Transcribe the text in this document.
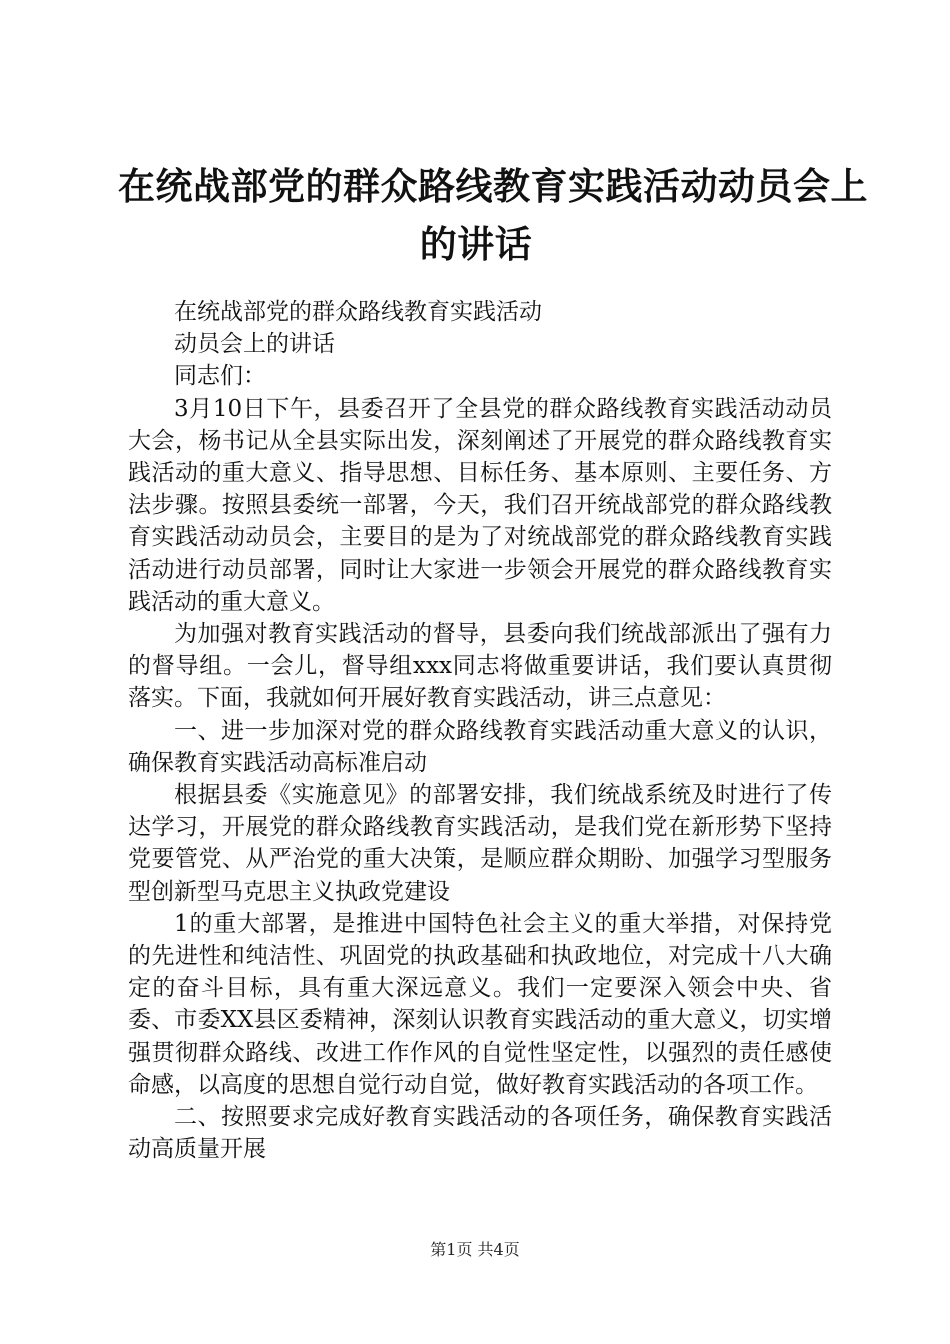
在统战部党的群众路线教育实践活动动员会上
的讲话

在统战部党的群众路线教育实践活动

动员会上的讲话

同志们：

3月10日下午，县委召开了全县党的群众路线教育实践活动动员大会，杨书记从全县实际出发，深刻阐述了开展党的群众路线教育实践活动的重大意义、指导思想、目标任务、基本原则、主要任务、方法步骤。按照县委统一部署，今天，我们召开统战部党的群众路线教育实践活动动员会，主要目的是为了对统战部党的群众路线教育实践活动进行动员部署，同时让大家进一步领会开展党的群众路线教育实践活动的重大意义。

为加强对教育实践活动的督导，县委向我们统战部派出了强有力的督导组。一会儿，督导组xxx同志将做重要讲话，我们要认真贯彻落实。下面，我就如何开展好教育实践活动，讲三点意见：

一、进一步加深对党的群众路线教育实践活动重大意义的认识，确保教育实践活动高标准启动

根据县委《实施意见》的部署安排，我们统战系统及时进行了传达学习，开展党的群众路线教育实践活动，是我们党在新形势下坚持党要管党、从严治党的重大决策，是顺应群众期盼、加强学习型服务型创新型马克思主义执政党建设

1的重大部署，是推进中国特色社会主义的重大举措，对保持党的先进性和纯洁性、巩固党的执政基础和执政地位，对完成十八大确定的奋斗目标，具有重大深远意义。我们一定要深入领会中央、省委、市委XX县区委精神，深刻认识教育实践活动的重大意义，切实增强贯彻群众路线、改进工作作风的自觉性坚定性，以强烈的责任感使命感，以高度的思想自觉行动自觉，做好教育实践活动的各项工作。

二、按照要求完成好教育实践活动的各项任务，确保教育实践活动高质量开展

第1页 共4页
